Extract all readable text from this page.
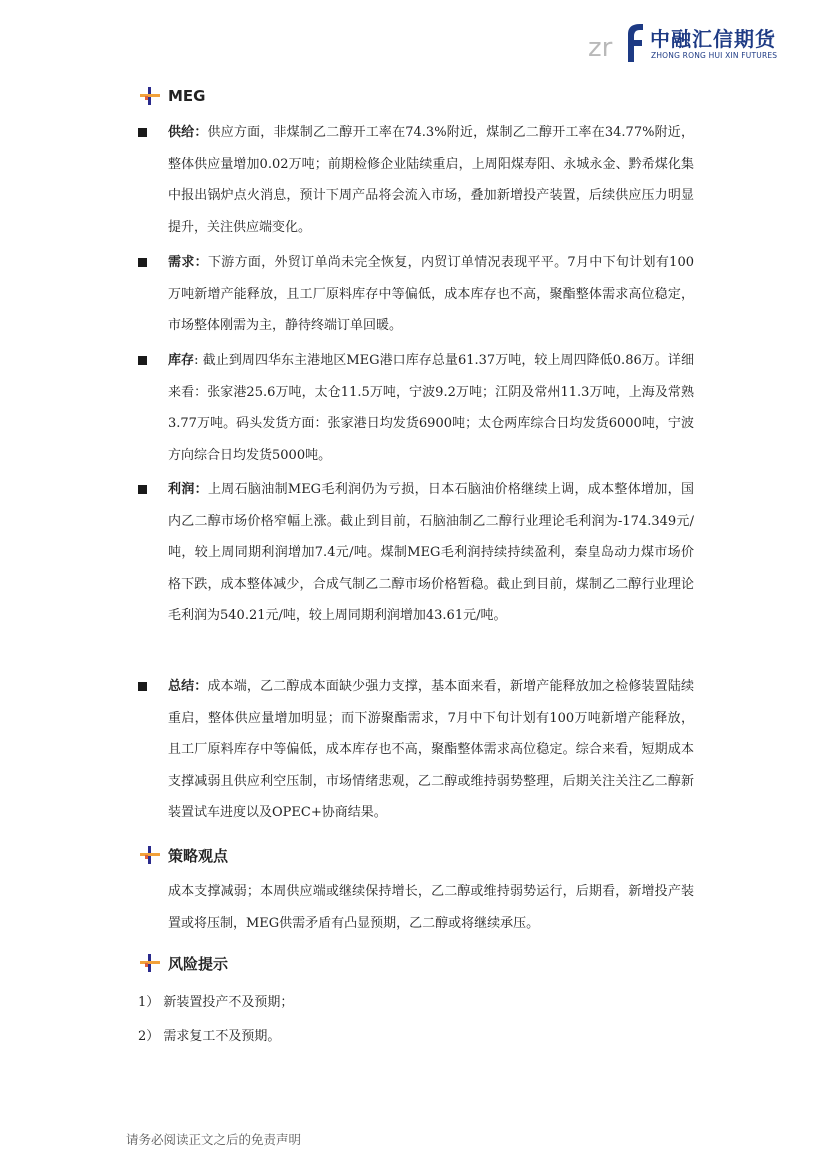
zr 中融汇信期货
ZHONG RONG HUI XIN FUTURES
MEG

供给：供应方面，非煤制乙二醇开工率在74.3%附近，煤制乙二醇开工率在34.77%附近，整体供应量增加0.02万吨；前期检修企业陆续重启，上周阳煤寿阳、永城永金、黔希煤化集中报出锅炉点火消息，预计下周产品将会流入市场，叠加新增投产装置，后续供应压力明显提升，关注供应端变化。

需求：下游方面，外贸订单尚未完全恢复，内贸订单情况表现平平。7月中下旬计划有100万吨新增产能释放，且工厂原料库存中等偏低，成本库存也不高，聚酯整体需求高位稳定，市场整体刚需为主，静待终端订单回暖。

库存: 截止到周四华东主港地区MEG港口库存总量61.37万吨，较上周四降低0.86万。详细来看：张家港25.6万吨，太仓11.5万吨，宁波9.2万吨；江阴及常州11.3万吨，上海及常熟3.77万吨。码头发货方面：张家港日均发货6900吨；太仓两库综合日均发货6000吨，宁波方向综合日均发货5000吨。

利润：上周石脑油制MEG毛利润仍为亏损，日本石脑油价格继续上调，成本整体增加，国内乙二醇市场价格窄幅上涨。截止到目前，石脑油制乙二醇行业理论毛利润为-174.349元/吨，较上周同期利润增加7.4元/吨。煤制MEG毛利润持续持续盈利，秦皇岛动力煤市场价格下跌，成本整体减少，合成气制乙二醇市场价格暂稳。截止到目前，煤制乙二醇行业理论毛利润为540.21元/吨，较上周同期利润增加43.61元/吨。

总结：成本端，乙二醇成本面缺少强力支撑，基本面来看，新增产能释放加之检修装置陆续重启，整体供应量增加明显；而下游聚酯需求，7月中下旬计划有100万吨新增产能释放，且工厂原料库存中等偏低，成本库存也不高，聚酯整体需求高位稳定。综合来看，短期成本支撑减弱且供应利空压制，市场情绪悲观，乙二醇或维持弱势整理，后期关注关注乙二醇新装置试车进度以及OPEC+协商结果。

策略观点

成本支撑减弱；本周供应端或继续保持增长，乙二醇或维持弱势运行，后期看，新增投产装置或将压制，MEG供需矛盾有凸显预期，乙二醇或将继续承压。

风险提示
1） 新装置投产不及预期；
2） 需求复工不及预期。
请务必阅读正文之后的免责声明
